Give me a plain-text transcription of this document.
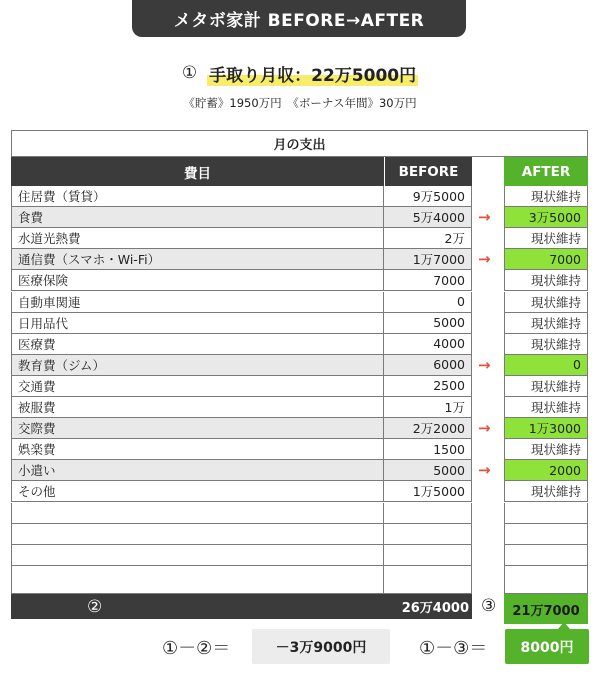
メタボ家計 BEFORE→AFTER
① 手取り月収：22万5000円
《貯蓄》1950万円　《ボーナス年間》30万円
月の支出
費目	BEFORE	AFTER
住居費（賃貸）	9万5000	現状維持
食費	5万4000	3万5000
→
水道光熱費	2万	現状維持
通信費（スマホ・Wi-Fi）	1万7000	7000
→
医療保険	7000	現状維持
自動車関連	0	現状維持
日用品代	5000	現状維持
医療費	4000	現状維持
教育費（ジム）	6000	0
→
交通費	2500	現状維持
被服費	1万	現状維持
交際費	2万2000	1万3000
→
娯楽費	1500	現状維持
小遣い	5000	2000
→
その他	1万5000	現状維持
②	26万4000 ③	21万7000
①－②＝	－3万9000円	①－③＝	8000円
